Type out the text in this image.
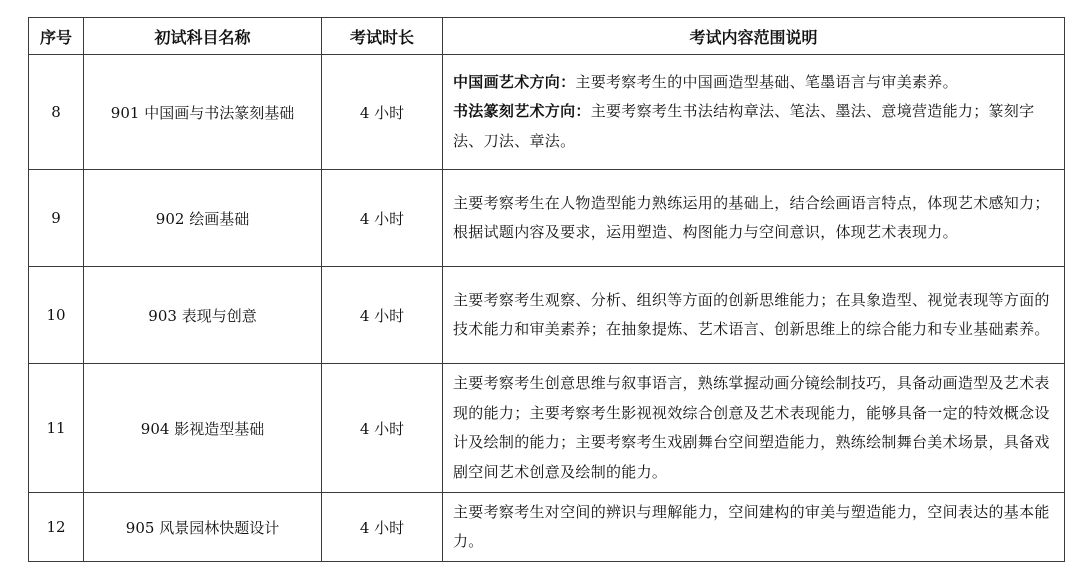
序号	初试科目名称	考试时长	考试内容范围说明
8	901 中国画与书法篆刻基础	4 小时	中国画艺术方向：主要考察考生的中国画造型基础、笔墨语言与审美素养。
书法篆刻艺术方向：主要考察考生书法结构章法、笔法、墨法、意境营造能力；篆刻字法、刀法、章法。

9	902 绘画基础	4 小时	主要考察考生在人物造型能力熟练运用的基础上，结合绘画语言特点，体现艺术感知力；根据试题内容及要求，运用塑造、构图能力与空间意识，体现艺术表现力。
10	903 表现与创意	4 小时	主要考察考生观察、分析、组织等方面的创新思维能力；在具象造型、视觉表现等方面的技术能力和审美素养；在抽象提炼、艺术语言、创新思维上的综合能力和专业基础素养。
11	904 影视造型基础	4 小时	主要考察考生创意思维与叙事语言，熟练掌握动画分镜绘制技巧，具备动画造型及艺术表现的能力；主要考察考生影视视效综合创意及艺术表现能力，能够具备一定的特效概念设计及绘制的能力；主要考察考生戏剧舞台空间塑造能力，熟练绘制舞台美术场景，具备戏剧空间艺术创意及绘制的能力。
12	905 风景园林快题设计	4 小时	主要考察考生对空间的辨识与理解能力，空间建构的审美与塑造能力，空间表达的基本能力。
